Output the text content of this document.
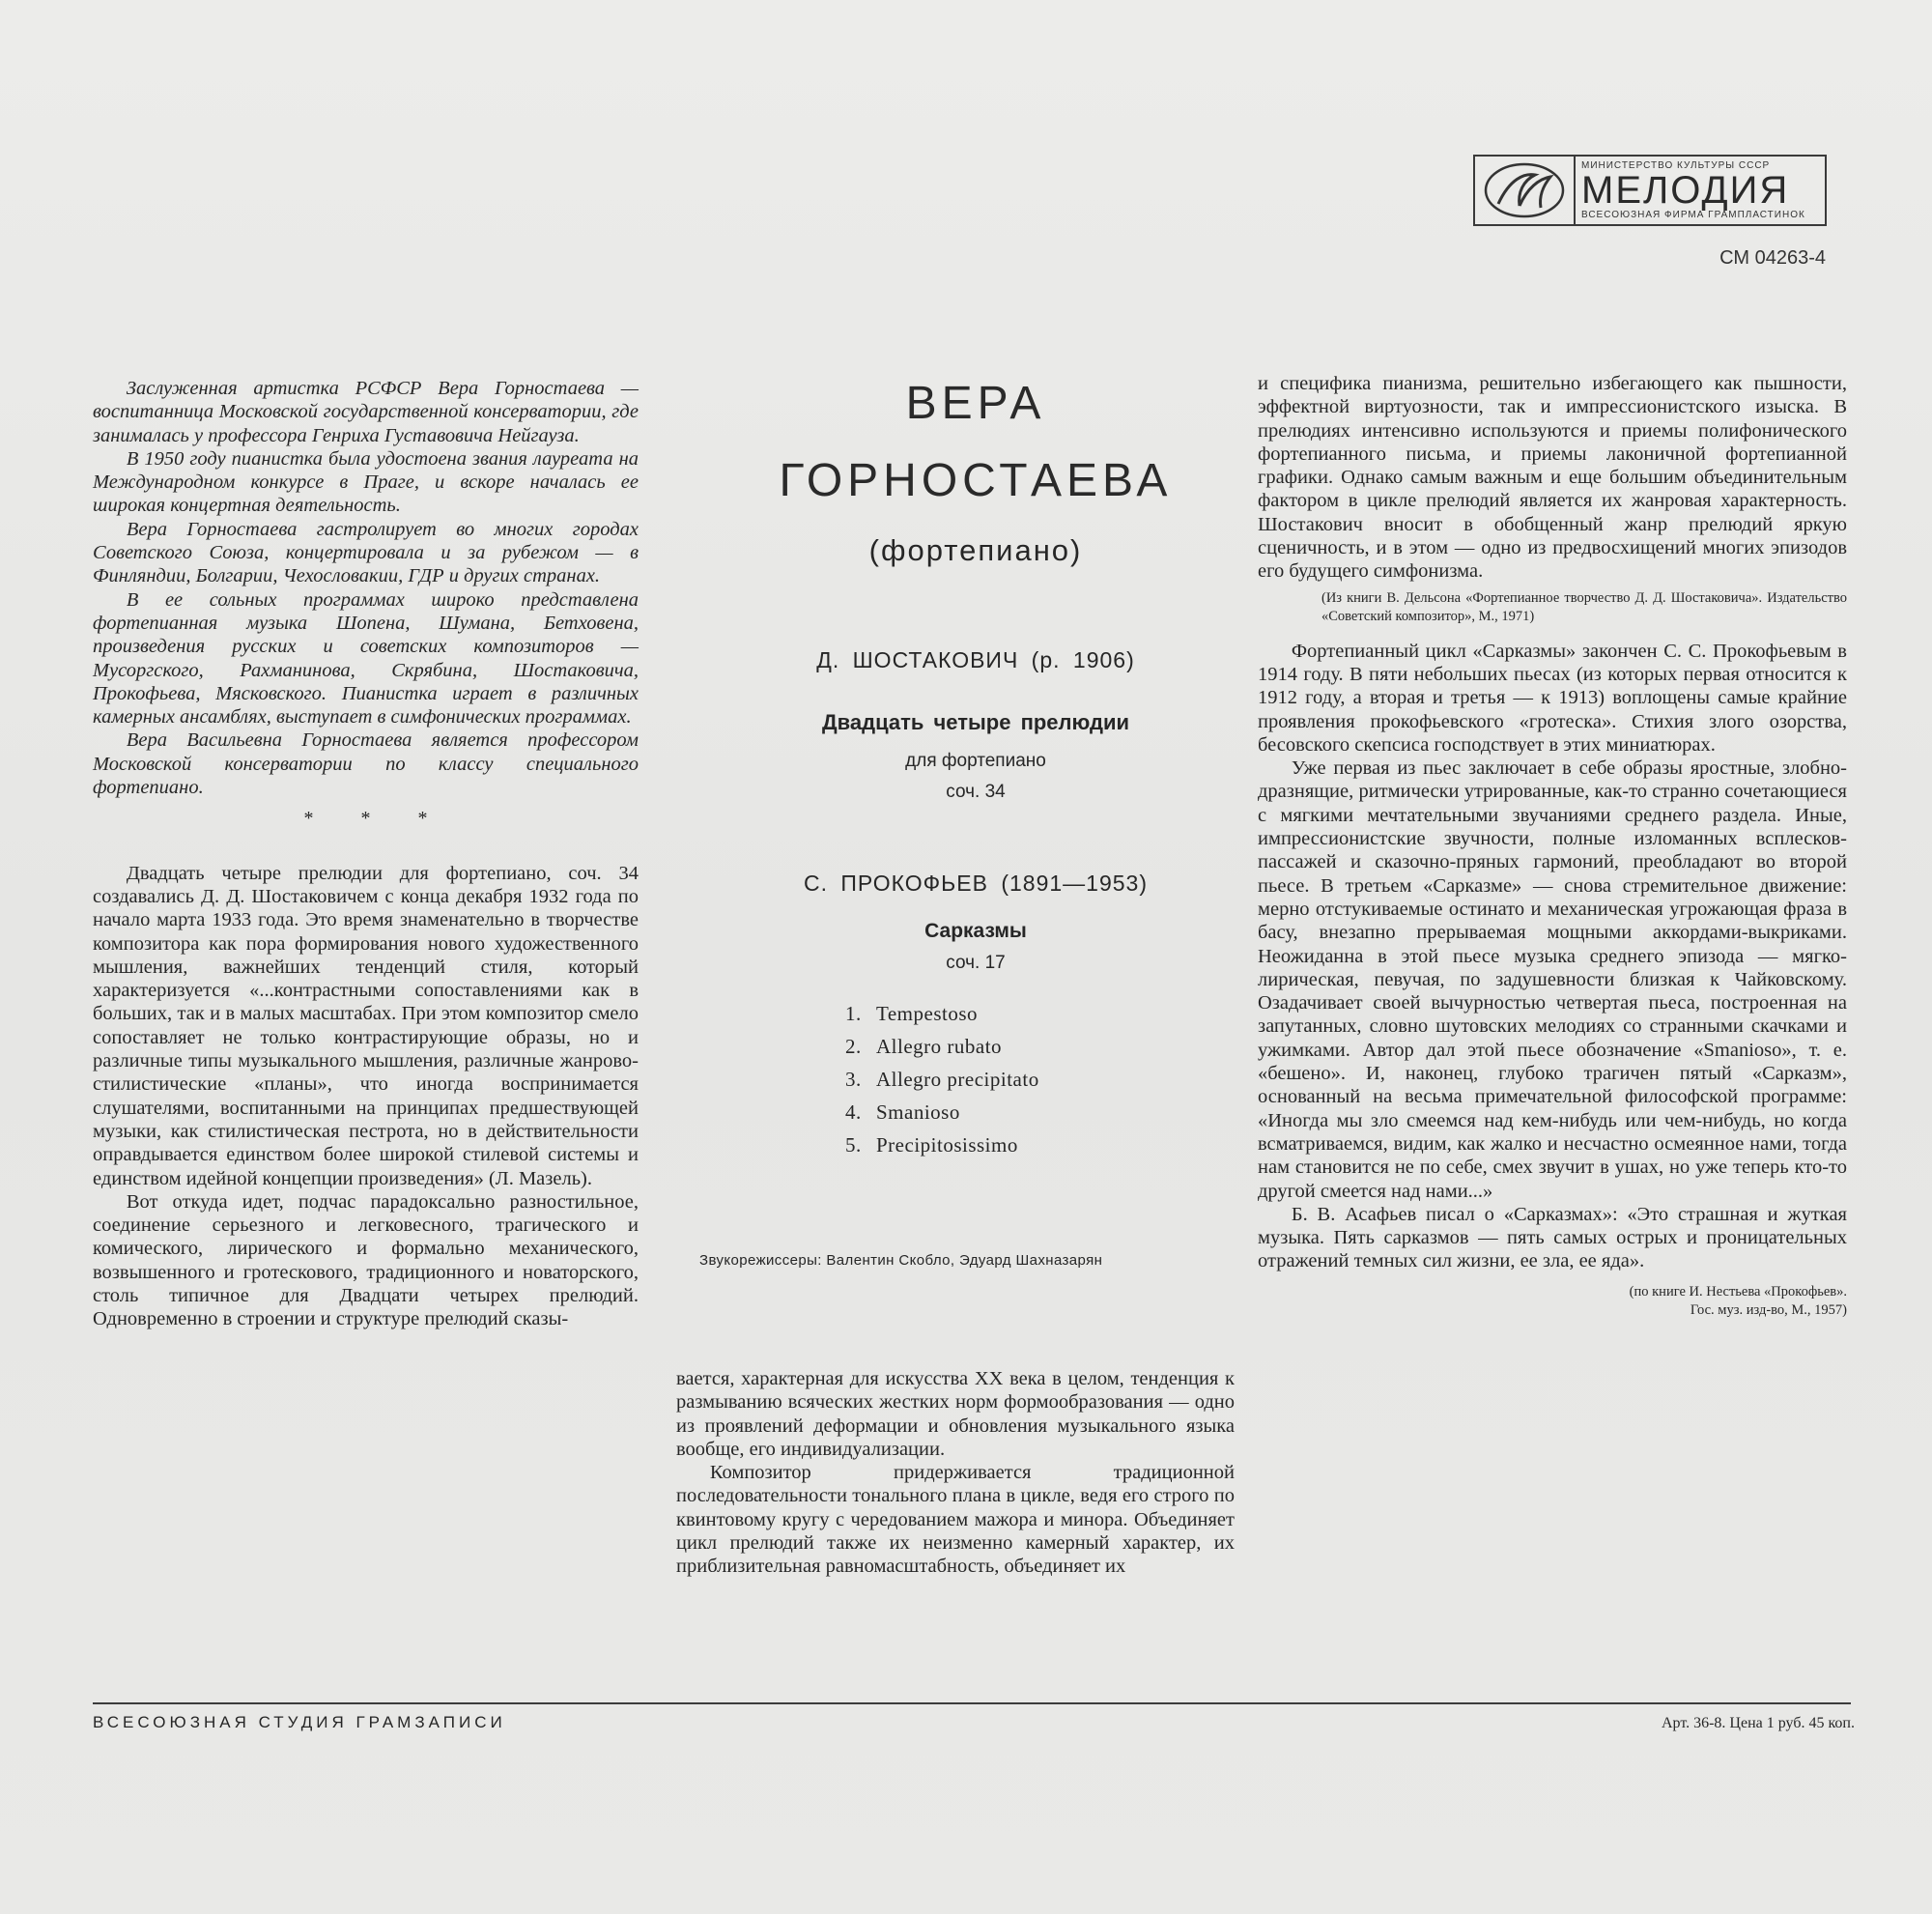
МИНИСТЕРСТВО КУЛЬТУРЫ СССР
МЕЛОДИЯ
ВСЕСОЮЗНАЯ ФИРМА ГРАМПЛАСТИНОК
СМ 04263-4

Заслуженная артистка РСФСР Вера Горностаева — воспитанница Московской государственной консерватории, где занималась у профессора Генриха Густавовича Нейгауза.

В 1950 году пианистка была удостоена звания лауреата на Международном конкурсе в Праге, и вскоре началась ее широкая концертная деятельность.

Вера Горностаева гастролирует во многих городах Советского Союза, концертировала и за рубежом — в Финляндии, Болгарии, Чехословакии, ГДР и других странах.

В ее сольных программах широко представлена фортепианная музыка Шопена, Шумана, Бетховена, произведения русских и советских композиторов — Мусоргского, Рахманинова, Скрябина, Шостаковича, Прокофьева, Мясковского. Пианистка играет в различных камерных ансамблях, выступает в симфонических программах.

Вера Васильевна Горностаева является профессором Московской консерватории по классу специального фортепиано.

* * *

Двадцать четыре прелюдии для фортепиано, соч. 34 создавались Д. Д. Шостаковичем с конца декабря 1932 года по начало марта 1933 года. Это время знаменательно в творчестве композитора как пора формирования нового художественного мышления, важнейших тенденций стиля, который характеризуется «...контрастными сопоставлениями как в больших, так и в малых масштабах. При этом композитор смело сопоставляет не только контрастирующие образы, но и различные типы музыкального мышления, различные жанрово-стилистические «планы», что иногда воспринимается слушателями, воспитанными на принципах предшествующей музыки, как стилистическая пестрота, но в действительности оправдывается единством более широкой стилевой системы и единством идейной концепции произведения» (Л. Мазель).

Вот откуда идет, подчас парадоксально разностильное, соединение серьезного и легковесного, трагического и комического, лирического и формально механического, возвышенного и гротескового, традиционного и новаторского, столь типичное для Двадцати четырех прелюдий. Одновременно в строении и структуре прелюдий сказы-

ВЕРА
ГОРНОСТАЕВА
(фортепиано)
Д. ШОСТАКОВИЧ (р. 1906)
Двадцать четыре прелюдии
для фортепиано
соч. 34
С. ПРОКОФЬЕВ (1891—1953)
Сарказмы
соч. 17
1. Tempestoso
2. Allegro rubato
3. Allegro precipitato
4. Smanioso
5. Precipitosissimo
Звукорежиссеры: Валентин Скобло, Эдуард Шахназарян

вается, характерная для искусства XX века в целом, тенденция к размыванию всяческих жестких норм формообразования — одно из проявлений деформации и обновления музыкального языка вообще, его индивидуализации.

Композитор придерживается традиционной последовательности тонального плана в цикле, ведя его строго по квинтовому кругу с чередованием мажора и минора. Объединяет цикл прелюдий также их неизменно камерный характер, их приблизительная равномасштабность, объединяет их

и специфика пианизма, решительно избегающего как пышности, эффектной виртуозности, так и импрессионистского изыска. В прелюдиях интенсивно используются и приемы полифонического фортепианного письма, и приемы лаконичной фортепианной графики. Однако самым важным и еще большим объединительным фактором в цикле прелюдий является их жанровая характерность. Шостакович вносит в обобщенный жанр прелюдий яркую сценичность, и в этом — одно из предвосхищений многих эпизодов его будущего симфонизма.

(Из книги В. Дельсона «Фортепианное творчество Д. Д. Шостаковича». Издательство «Советский композитор», М., 1971)

Фортепианный цикл «Сарказмы» закончен С. С. Прокофьевым в 1914 году. В пяти небольших пьесах (из которых первая относится к 1912 году, а вторая и третья — к 1913) воплощены самые крайние проявления прокофьевского «гротеска». Стихия злого озорства, бесовского скепсиса господствует в этих миниатюрах.

Уже первая из пьес заключает в себе образы яростные, злобно-дразнящие, ритмически утрированные, как-то странно сочетающиеся с мягкими мечтательными звучаниями среднего раздела. Иные, импрессионистские звучности, полные изломанных всплесков-пассажей и сказочно-пряных гармоний, преобладают во второй пьесе. В третьем «Сарказме» — снова стремительное движение: мерно отстукиваемые остинато и механическая угрожающая фраза в басу, внезапно прерываемая мощными аккордами-выкриками. Неожиданна в этой пьесе музыка среднего эпизода — мягко-лирическая, певучая, по задушевности близкая к Чайковскому. Озадачивает своей вычурностью четвертая пьеса, построенная на запутанных, словно шутовских мелодиях со странными скачками и ужимками. Автор дал этой пьесе обозначение «Smanioso», т. е. «бешено». И, наконец, глубоко трагичен пятый «Сарказм», основанный на весьма примечательной философской программе: «Иногда мы зло смеемся над кем-нибудь или чем-нибудь, но когда всматриваемся, видим, как жалко и несчастно осмеянное нами, тогда нам становится не по себе, смех звучит в ушах, но уже теперь кто-то другой смеется над нами...»

Б. В. Асафьев писал о «Сарказмах»: «Это страшная и жуткая музыка. Пять сарказмов — пять самых острых и проницательных отражений темных сил жизни, ее зла, ее яда».

(по книге И. Нестьева «Прокофьев».
Гос. муз. изд-во, М., 1957)
ВСЕСОЮЗНАЯ СТУДИЯ ГРАМЗАПИСИ	Арт. 36-8. Цена 1 руб. 45 коп.
